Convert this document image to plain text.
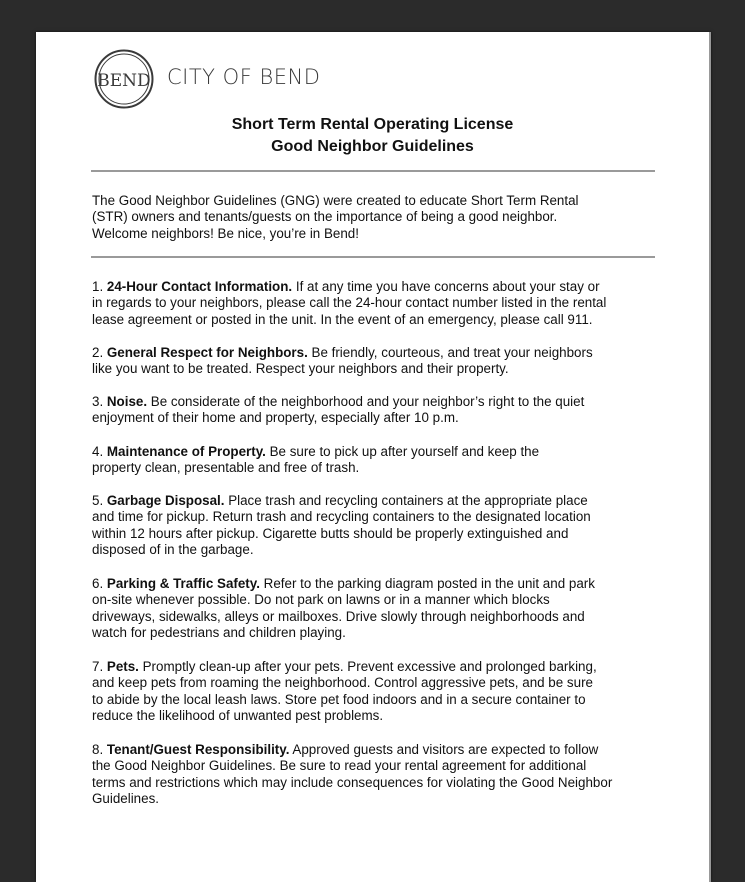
BEND CITY OF BEND
Short Term Rental Operating License
Good Neighbor Guidelines
The Good Neighbor Guidelines (GNG) were created to educate Short Term Rental
(STR) owners and tenants/guests on the importance of being a good neighbor.
Welcome neighbors! Be nice, you’re in Bend!
1. 24-Hour Contact Information. If at any time you have concerns about your stay or
in regards to your neighbors, please call the 24-hour contact number listed in the rental
lease agreement or posted in the unit. In the event of an emergency, please call 911.
2. General Respect for Neighbors. Be friendly, courteous, and treat your neighbors
like you want to be treated. Respect your neighbors and their property.
3. Noise. Be considerate of the neighborhood and your neighbor’s right to the quiet
enjoyment of their home and property, especially after 10 p.m.
4. Maintenance of Property. Be sure to pick up after yourself and keep the
property clean, presentable and free of trash.
5. Garbage Disposal. Place trash and recycling containers at the appropriate place
and time for pickup. Return trash and recycling containers to the designated location
within 12 hours after pickup. Cigarette butts should be properly extinguished and
disposed of in the garbage.
6. Parking & Traffic Safety. Refer to the parking diagram posted in the unit and park
on-site whenever possible. Do not park on lawns or in a manner which blocks
driveways, sidewalks, alleys or mailboxes. Drive slowly through neighborhoods and
watch for pedestrians and children playing.
7. Pets. Promptly clean-up after your pets. Prevent excessive and prolonged barking,
and keep pets from roaming the neighborhood. Control aggressive pets, and be sure
to abide by the local leash laws. Store pet food indoors and in a secure container to
reduce the likelihood of unwanted pest problems.
8. Tenant/Guest Responsibility. Approved guests and visitors are expected to follow
the Good Neighbor Guidelines. Be sure to read your rental agreement for additional
terms and restrictions which may include consequences for violating the Good Neighbor
Guidelines.
